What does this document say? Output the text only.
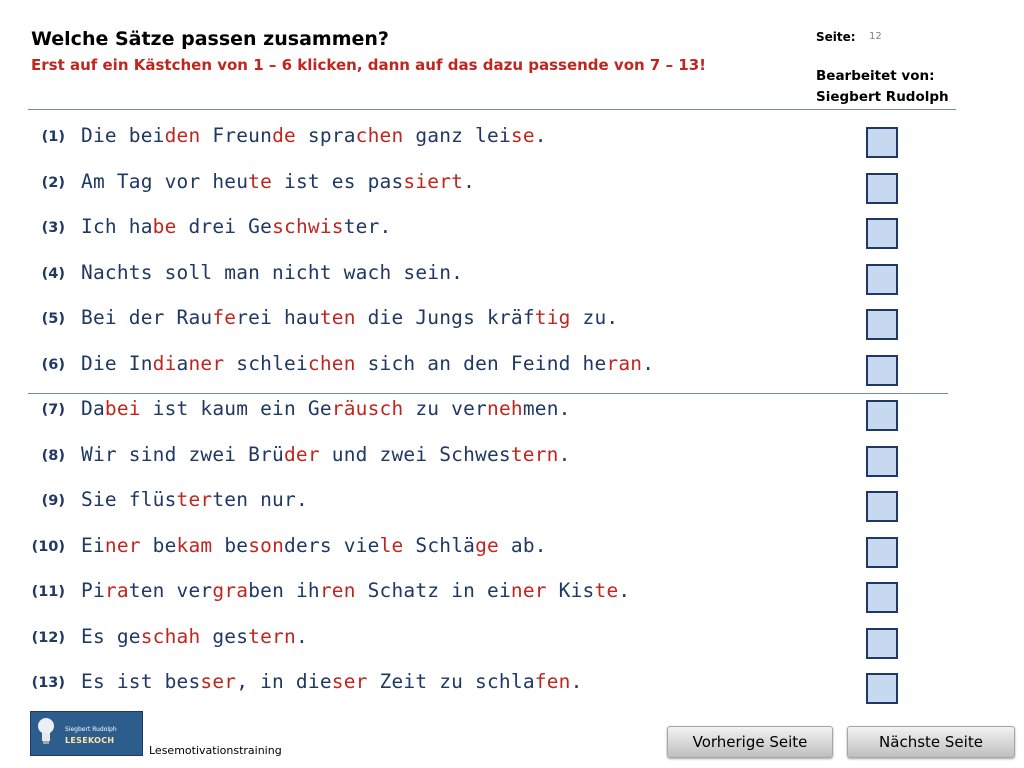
Welche Sätze passen zusammen?
Erst auf ein Kästchen von 1 – 6 klicken, dann auf das dazu passende von 7 – 13!
Seite: 12
Bearbeitet von:
Siegbert Rudolph
(1) Die beiden Freunde sprachen ganz leise.
(2) Am Tag vor heute ist es passiert.
(3) Ich habe drei Geschwister.
(4) Nachts soll man nicht wach sein.
(5) Bei der Rauferei hauten die Jungs kräftig zu.
(6) Die Indianer schleichen sich an den Feind heran.
(7) Dabei ist kaum ein Geräusch zu vernehmen.
(8) Wir sind zwei Brüder und zwei Schwestern.
(9) Sie flüsterten nur.
(10) Einer bekam besonders viele Schläge ab.
(11) Piraten vergraben ihren Schatz in einer Kiste.
(12) Es geschah gestern.
(13) Es ist besser, in dieser Zeit zu schlafen.
Siegbert Rudolph
LESEKOCH
Lesemotivationstraining	Vorherige Seite	Nächste Seite
